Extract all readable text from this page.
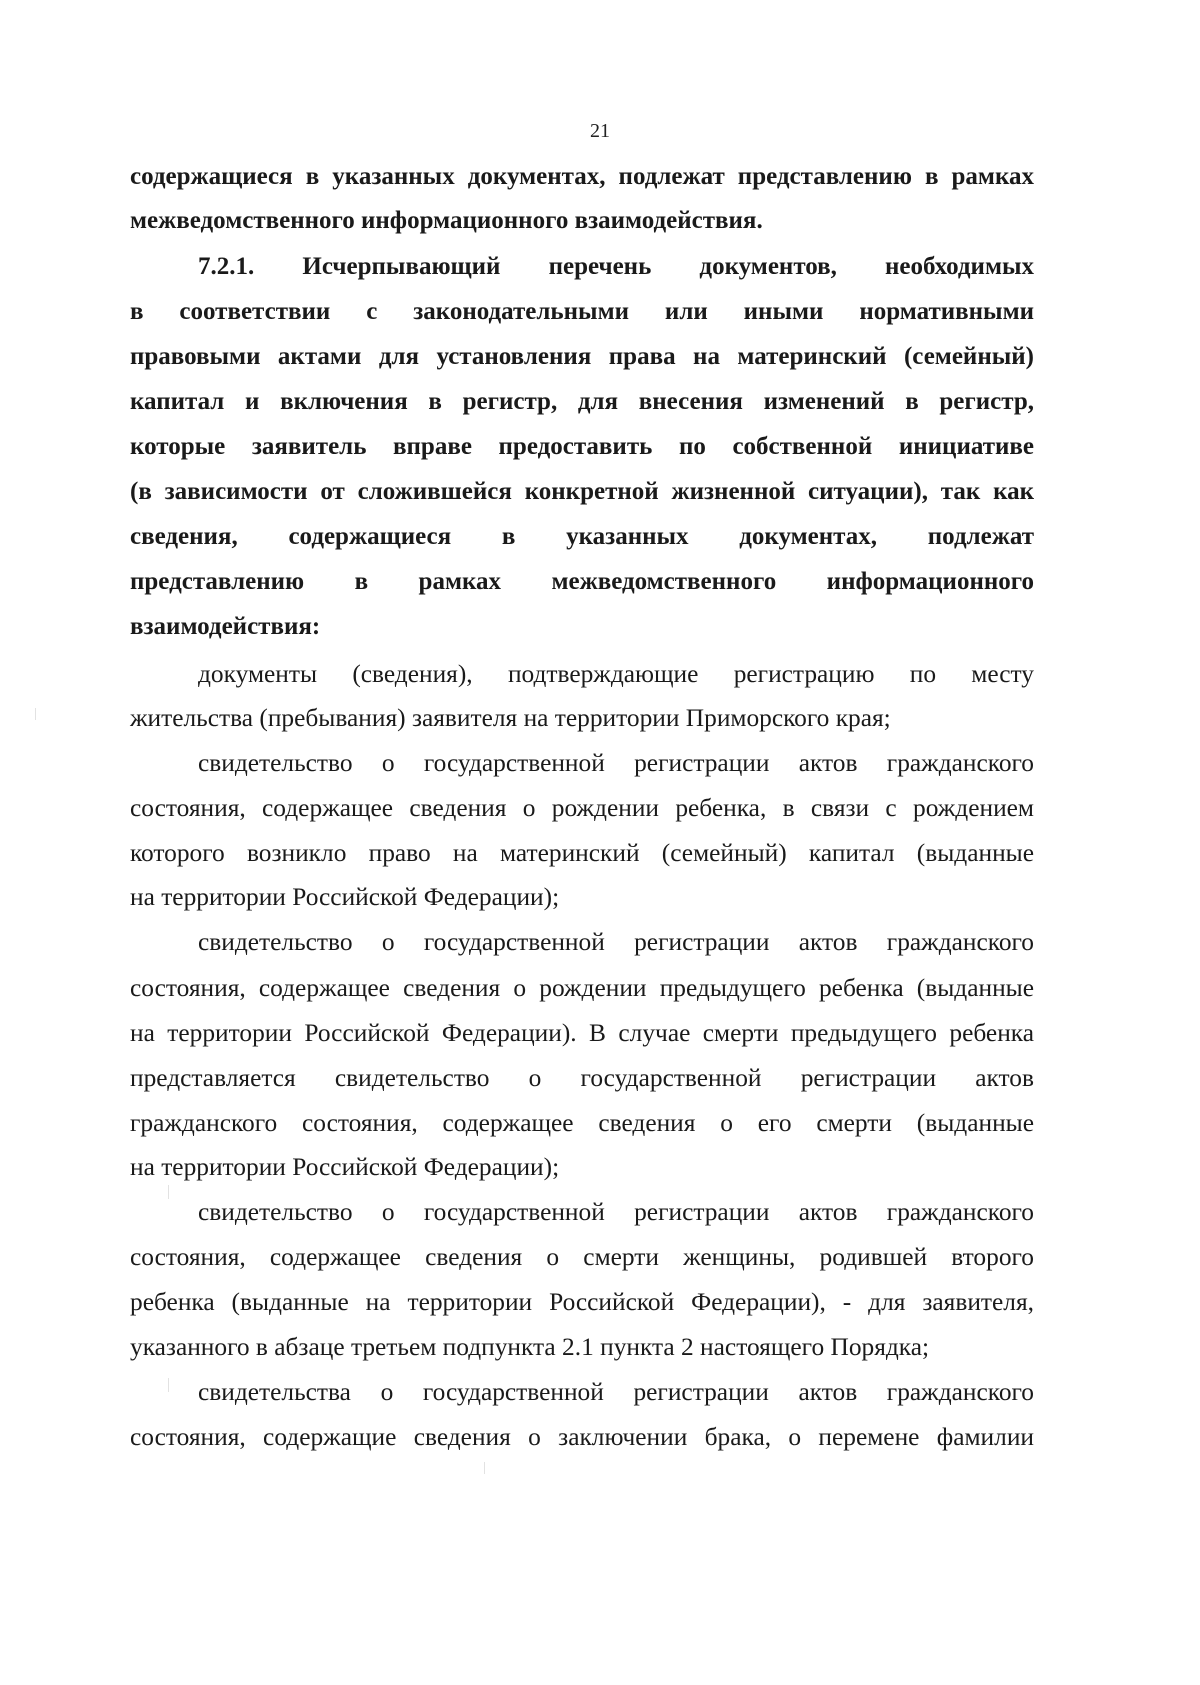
21
содержащиеся в указанных документах, подлежат представлению в рамках
межведомственного информационного взаимодействия.
7.2.1. Исчерпывающий перечень документов, необходимых
в соответствии с законодательными или иными нормативными
правовыми актами для установления права на материнский (семейный)
капитал и включения в регистр, для внесения изменений в регистр,
которые заявитель вправе предоставить по собственной инициативе
(в зависимости от сложившейся конкретной жизненной ситуации), так как
сведения, содержащиеся в указанных документах, подлежат
представлению в рамках межведомственного информационного
взаимодействия:
документы (сведения), подтверждающие регистрацию по месту
жительства (пребывания) заявителя на территории Приморского края;
свидетельство о государственной регистрации актов гражданского
состояния, содержащее сведения о рождении ребенка, в связи с рождением
которого возникло право на материнский (семейный) капитал (выданные
на территории Российской Федерации);
свидетельство о государственной регистрации актов гражданского
состояния, содержащее сведения о рождении предыдущего ребенка (выданные
на территории Российской Федерации). В случае смерти предыдущего ребенка
представляется свидетельство о государственной регистрации актов
гражданского состояния, содержащее сведения о его смерти (выданные
на территории Российской Федерации);
свидетельство о государственной регистрации актов гражданского
состояния, содержащее сведения о смерти женщины, родившей второго
ребенка (выданные на территории Российской Федерации), - для заявителя,
указанного в абзаце третьем подпункта 2.1 пункта 2 настоящего Порядка;
свидетельства о государственной регистрации актов гражданского
состояния, содержащие сведения о заключении брака, о перемене фамилии
